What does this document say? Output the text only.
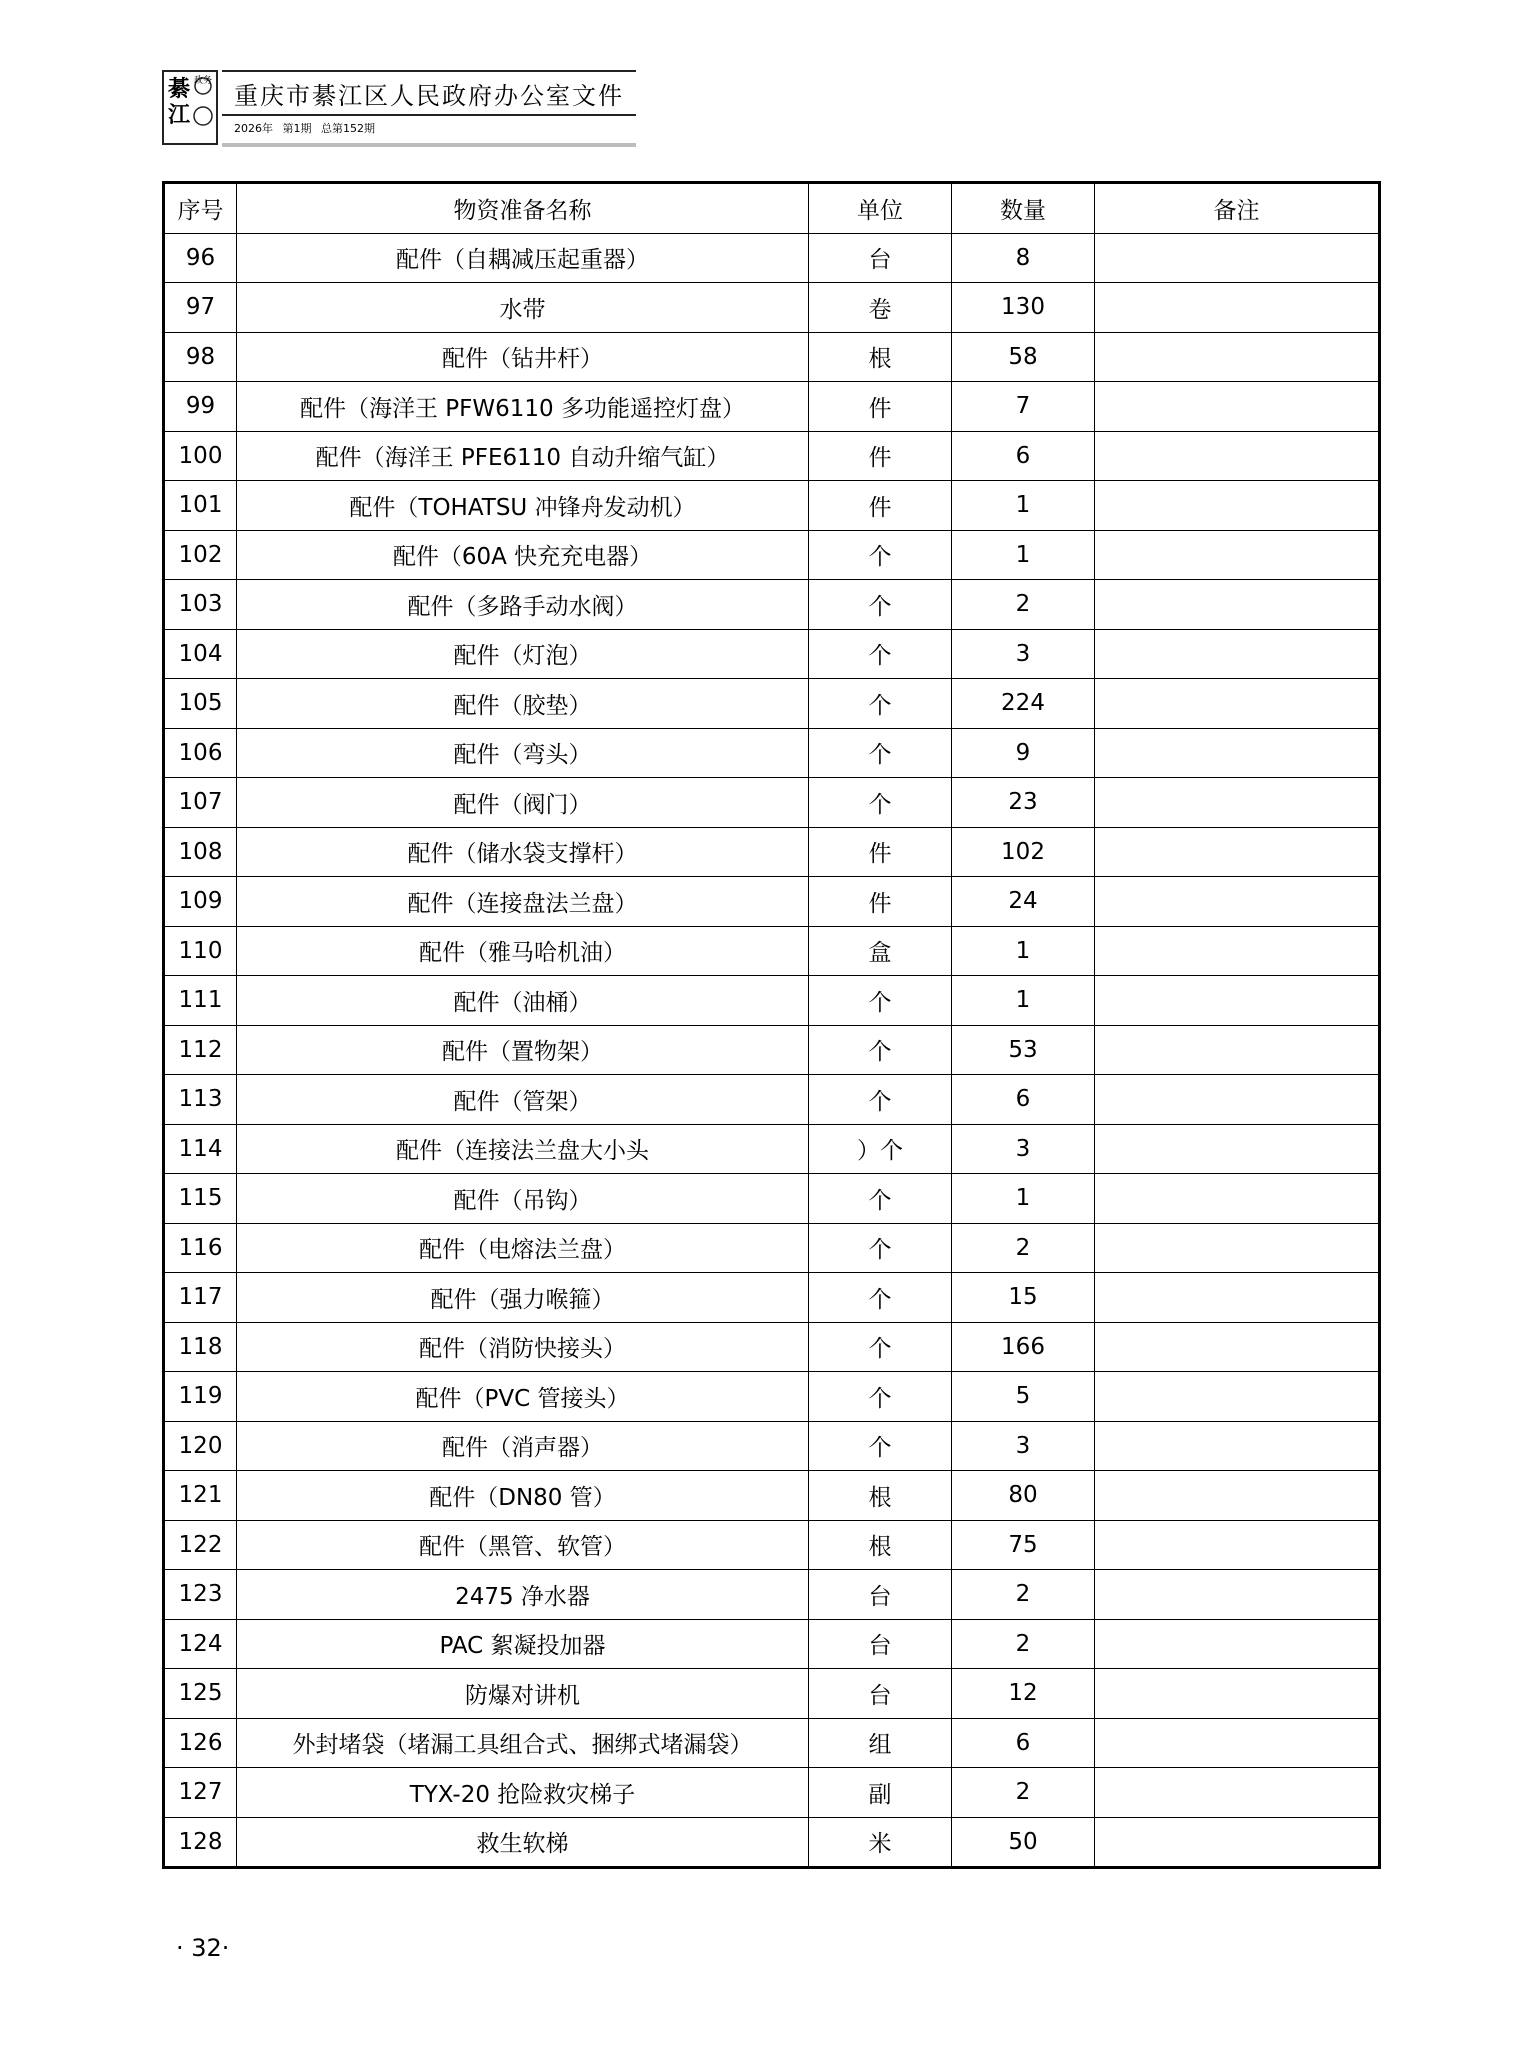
綦江
政务
重庆市綦江区人民政府办公室文件
2026年 第1期 总第152期
序号	物资准备名称	单位	数量	备注
96	配件（自耦减压起重器）	台	8	
97	水带	卷	130	
98	配件（钻井杆）	根	58	
99	配件（海洋王 PFW6110 多功能遥控灯盘）	件	7	
100	配件（海洋王 PFE6110 自动升缩气缸）	件	6	
101	配件（TOHATSU 冲锋舟发动机）	件	1	
102	配件（60A 快充充电器）	个	1	
103	配件（多路手动水阀）	个	2	
104	配件（灯泡）	个	3	
105	配件（胶垫）	个	224	
106	配件（弯头）	个	9	
107	配件（阀门）	个	23	
108	配件（储水袋支撑杆）	件	102	
109	配件（连接盘法兰盘）	件	24	
110	配件（雅马哈机油）	盒	1	
111	配件（油桶）	个	1	
112	配件（置物架）	个	53	
113	配件（管架）	个	6	
114	配件（连接法兰盘大小头	）个	3	
115	配件（吊钩）	个	1	
116	配件（电熔法兰盘）	个	2	
117	配件（强力喉箍）	个	15	
118	配件（消防快接头）	个	166	
119	配件（PVC 管接头）	个	5	
120	配件（消声器）	个	3	
121	配件（DN80 管）	根	80	
122	配件（黑管、软管）	根	75	
123	2475 净水器	台	2	
124	PAC 絮凝投加器	台	2	
125	防爆对讲机	台	12	
126	外封堵袋（堵漏工具组合式、捆绑式堵漏袋）	组	6	
127	TYX-20 抢险救灾梯子	副	2	
128	救生软梯	米	50	
· 32·
